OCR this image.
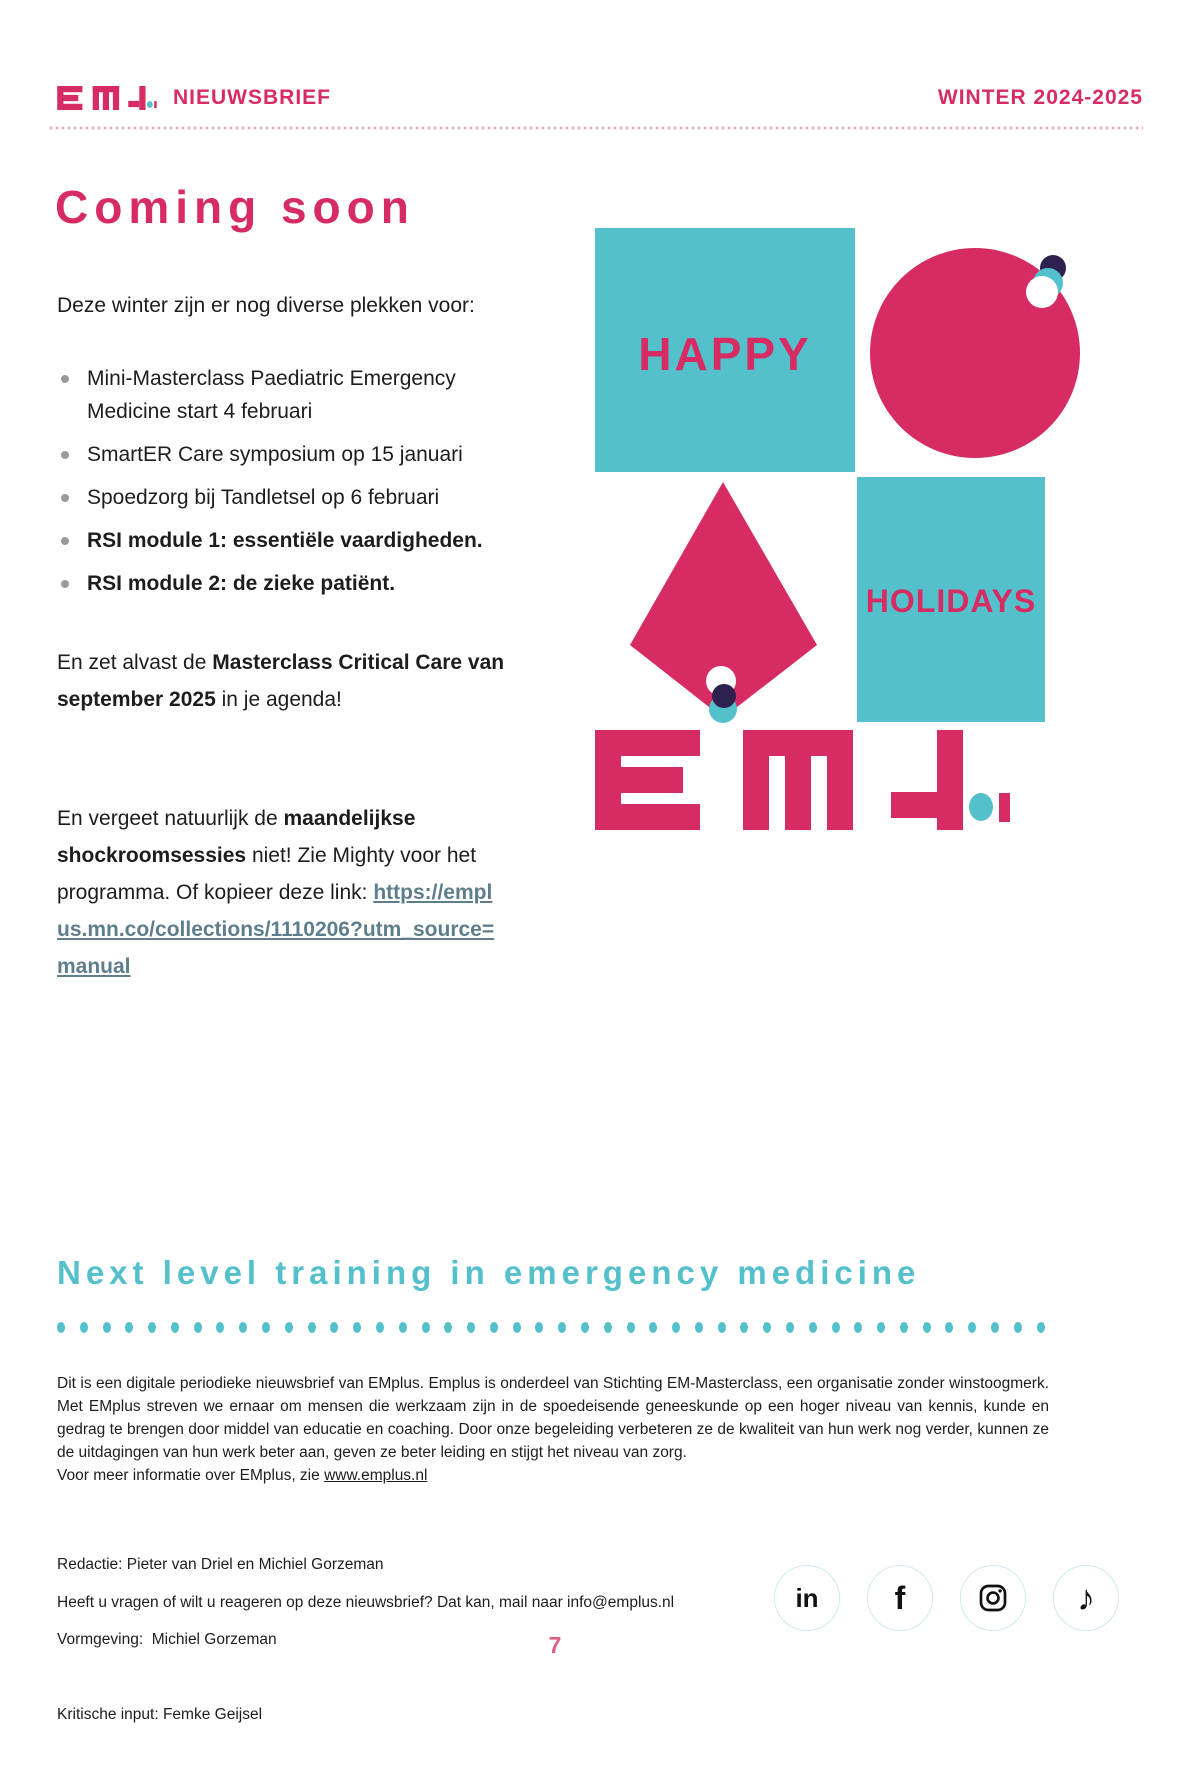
NIEUWSBRIEF	WINTER 2024-2025
Coming soon
Deze winter zijn er nog diverse plekken voor:
Mini-Masterclass Paediatric Emergency Medicine start 4 februari
SmartER Care symposium op 15 januari
Spoedzorg bij Tandletsel op 6 februari
RSI module 1: essentiële vaardigheden.
RSI module 2: de zieke patiënt.
En zet alvast de Masterclass Critical Care van september 2025 in je agenda!
En vergeet natuurlijk de maandelijkse shockroomsessies niet! Zie Mighty voor het programma. Of kopieer deze link: https://emplus.mn.co/collections/1110206?utm_source=manual
HAPPY
HOLIDAYS
Next level training in emergency medicine

Dit is een digitale periodieke nieuwsbrief van EMplus. Emplus is onderdeel van Stichting EM-Masterclass, een organisatie zonder winstoogmerk. Met EMplus streven we ernaar om mensen die werkzaam zijn in de spoedeisende geneeskunde op een hoger niveau van kennis, kunde en gedrag te brengen door middel van educatie en coaching. Door onze begeleiding verbeteren ze de kwaliteit van hun werk nog verder, kunnen ze de uitdagingen van hun werk beter aan, geven ze beter leiding en stijgt het niveau van zorg.

Voor meer informatie over EMplus, zie www.emplus.nl

Redactie: Pieter van Driel en Michiel Gorzeman

Vormgeving:  Michiel Gorzeman

Kritische input: Femke Geijsel

Heeft u vragen of wilt u reageren op deze nieuwsbrief? Dat kan, mail naar info@emplus.nl	in	f	♪
7
